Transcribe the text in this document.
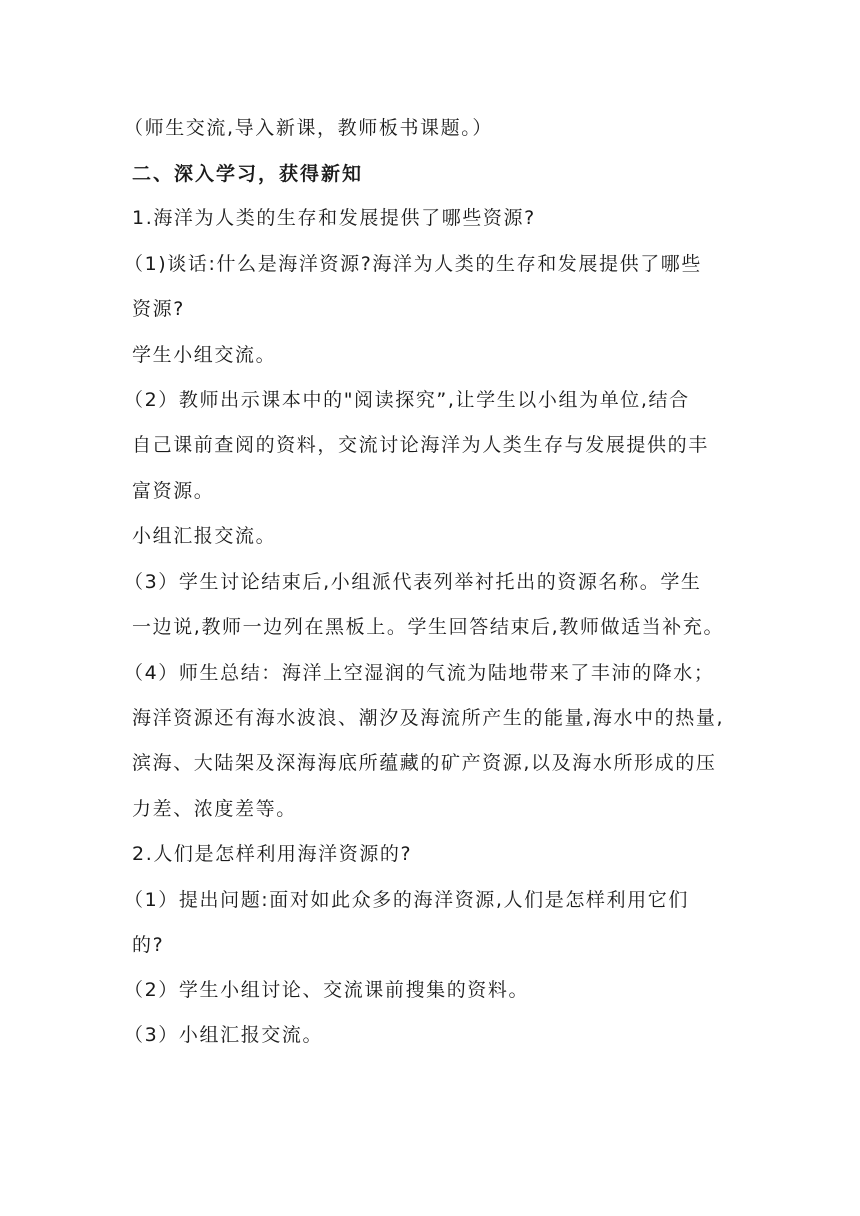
（师生交流,导入新课，教师板书课题。）
二、深入学习，获得新知
1.海洋为人类的生存和发展提供了哪些资源?
（1)谈话:什么是海洋资源?海洋为人类的生存和发展提供了哪些
资源?
学生小组交流。
（2）教师出示课本中的"阅读探究”,让学生以小组为单位,结合
自己课前查阅的资料，交流讨论海洋为人类生存与发展提供的丰
富资源。
小组汇报交流。
（3）学生讨论结束后,小组派代表列举衬托出的资源名称。学生
一边说,教师一边列在黑板上。学生回答结束后,教师做适当补充。
（4）师生总结：海洋上空湿润的气流为陆地带来了丰沛的降水；
海洋资源还有海水波浪、潮汐及海流所产生的能量,海水中的热量,
滨海、大陆架及深海海底所蕴藏的矿产资源,以及海水所形成的压
力差、浓度差等。
2.人们是怎样利用海洋资源的?
（1）提出问题:面对如此众多的海洋资源,人们是怎样利用它们
的?
（2）学生小组讨论、交流课前搜集的资料。
（3）小组汇报交流。
